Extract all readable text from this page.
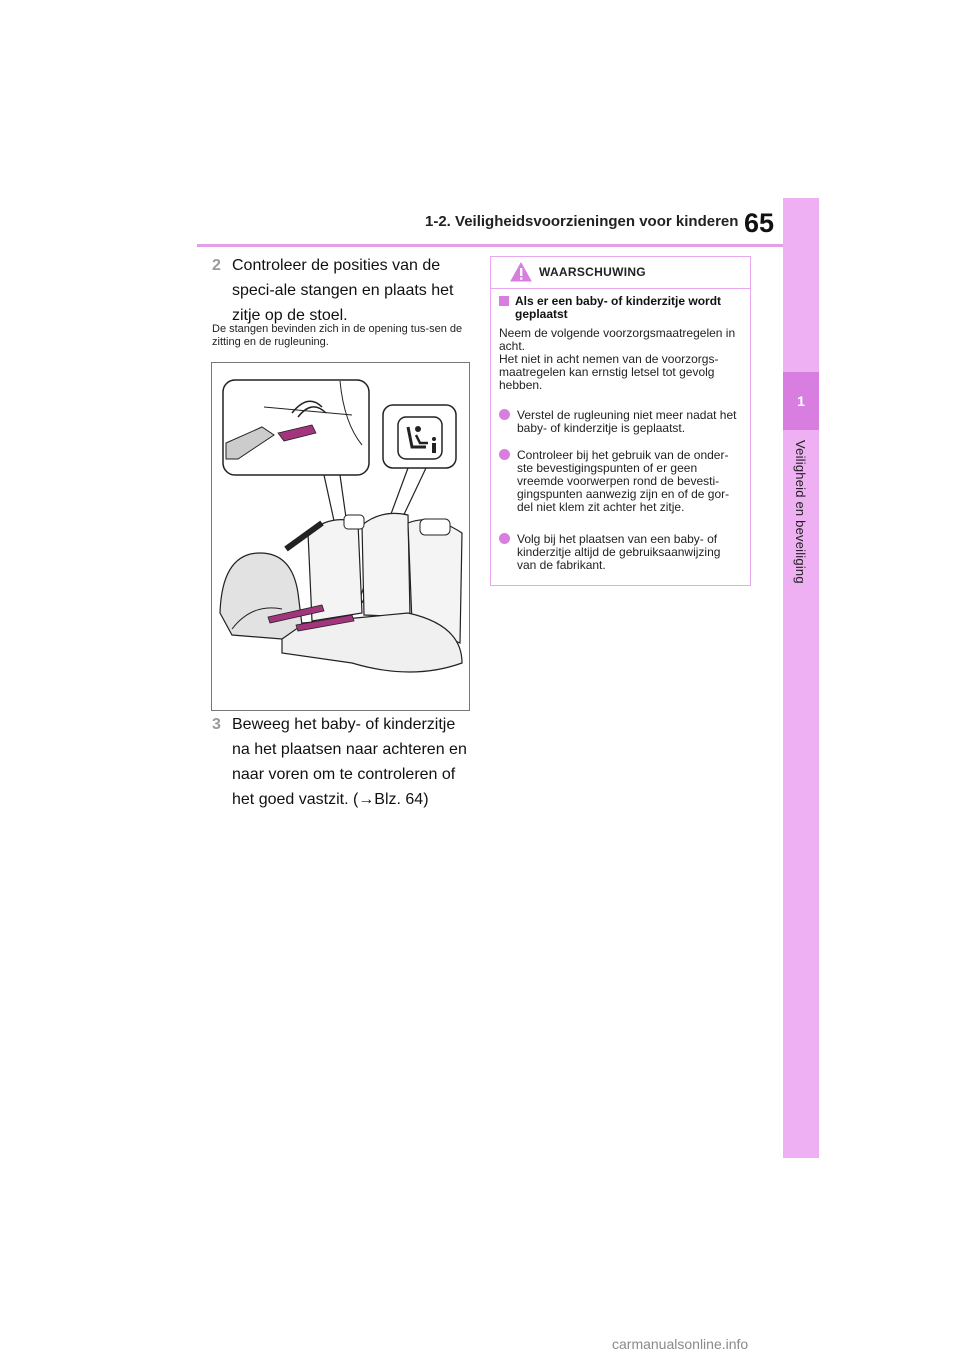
1-2. Veiligheidsvoorzieningen voor kinderen 65
1
Veiligheid en beveiliging
2 Controleer de posities van de speci-ale stangen en plaats het zitje op de stoel.
De stangen bevinden zich in de opening tus-sen de zitting en de rugleuning.
3 Beweeg het baby- of kinderzitje na het plaatsen naar achteren en naar voren om te controleren of het goed vastzit. (→Blz. 64)
WAARSCHUWING
Als er een baby- of kinderzitje wordt geplaatst
Neem de volgende voorzorgsmaatregelen in acht.
Het niet in acht nemen van de voorzorgs-maatregelen kan ernstig letsel tot gevolg hebben.
Verstel de rugleuning niet meer nadat het baby- of kinderzitje is geplaatst.
Controleer bij het gebruik van de onder-ste bevestigingspunten of er geen vreemde voorwerpen rond de bevesti-gingspunten aanwezig zijn en of de gor-del niet klem zit achter het zitje.
Volg bij het plaatsen van een baby- of kinderzitje altijd de gebruiksaanwijzing van de fabrikant.
carmanualsonline.info
